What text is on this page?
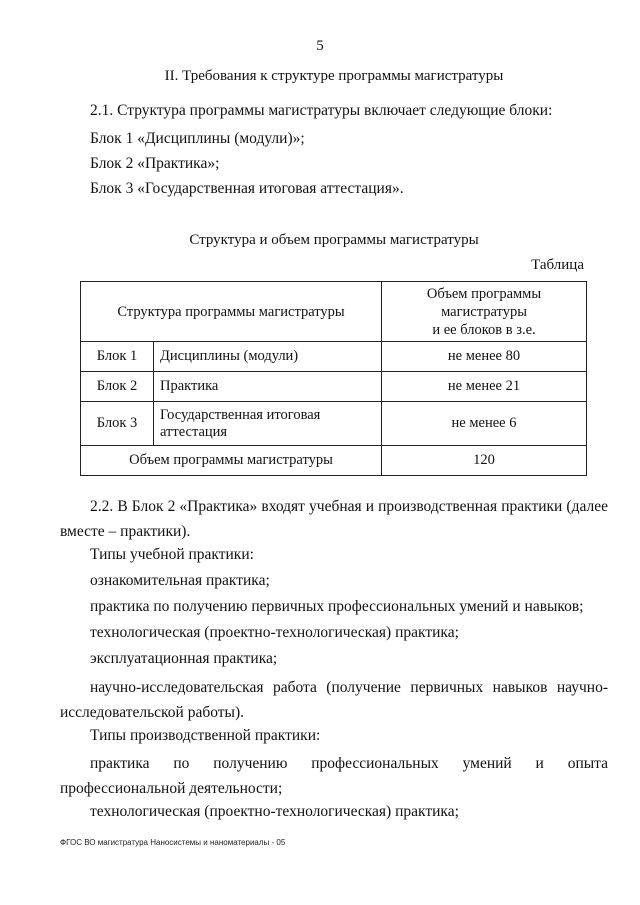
5
II. Требования к структуре программы магистратуры
2.1. Структура программы магистратуры включает следующие блоки:
Блок 1 «Дисциплины (модули)»;
Блок 2 «Практика»;
Блок 3 «Государственная итоговая аттестация».
Структура и объем программы магистратуры
Таблица
Структура программы магистратуры		Объем программы
магистратуры
и ее блоков в з.е.

Блок 1	Дисциплины (модули)	не менее 80
Блок 2	Практика	не менее 21
Блок 3	Государственная итоговая аттестация	не менее 6
Объем программы магистратуры		120
2.2. В Блок 2 «Практика» входят учебная и производственная практики (далее вместе – практики).
Типы учебной практики:
ознакомительная практика;
практика по получению первичных профессиональных умений и навыков;
технологическая (проектно-технологическая) практика;
эксплуатационная практика;
научно-исследовательская работа (получение первичных навыков научно-исследовательской работы).
Типы производственной практики:
практика по получению профессиональных умений и опыта профессиональной деятельности;
технологическая (проектно-технологическая) практика;
ФГОС ВО магистратура Наносистемы и наноматериалы - 05
